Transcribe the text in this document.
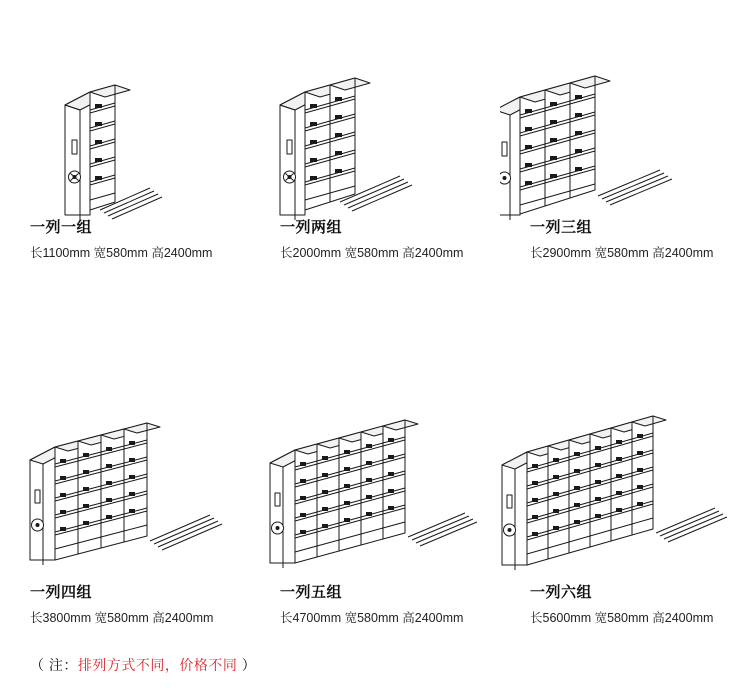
一列一组
长1100mm 宽580mm 高2400mm
一列两组
长2000mm 宽580mm 高2400mm
一列三组
长2900mm 宽580mm 高2400mm
一列四组
长3800mm 宽580mm 高2400mm
一列五组
长4700mm 宽580mm 高2400mm
一列六组
长5600mm 宽580mm 高2400mm
（ 注：排列方式不同，价格不同 ）
